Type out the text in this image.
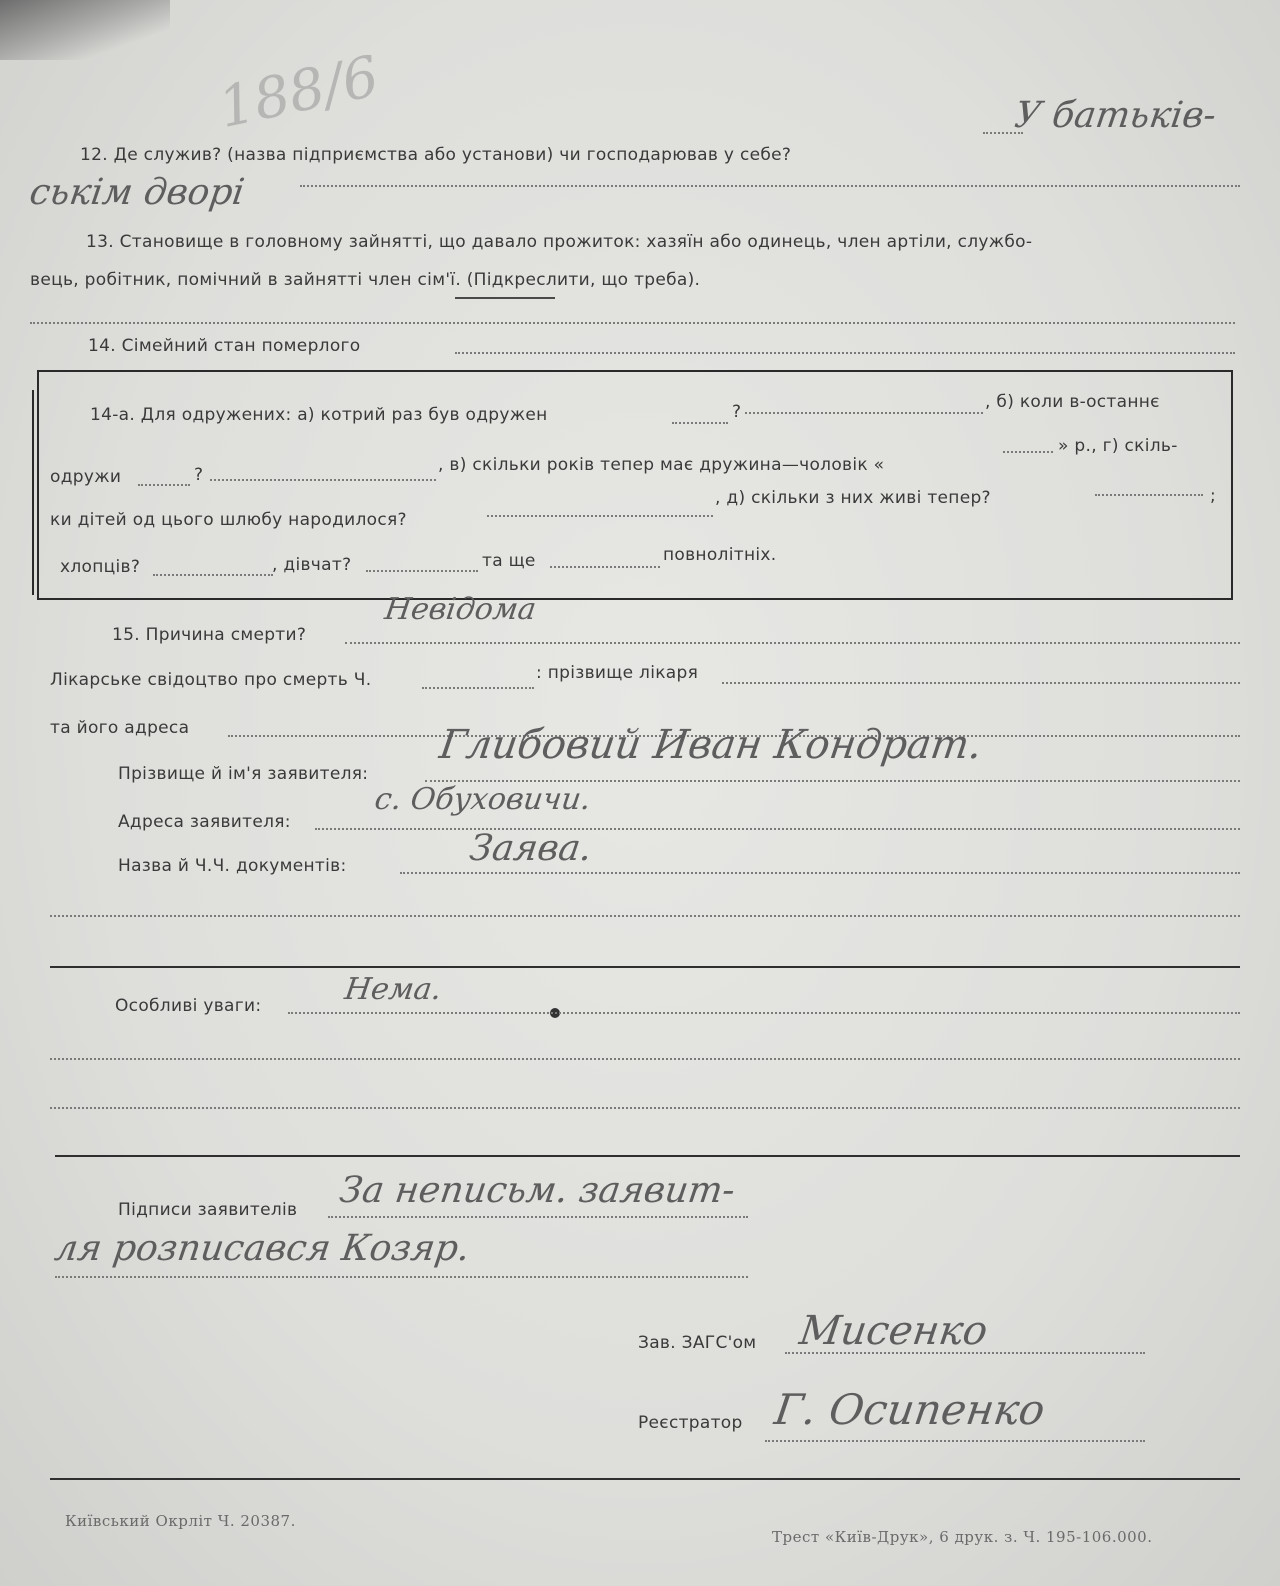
188/6
12. Де служив? (назва підприємства або установи) чи господарював у себе?
У батьків-
ськім дворі
13. Становище в головному зайнятті, що давало прожиток: хазяїн або одинець, член артіли, службо-
вець, робітник, помічний в зайнятті член сім'ї. (Підкреслити, що треба).
14. Сімейний стан померлого
14-а. Для одружених: а) котрий раз був одружен	?	, б) коли в-останнє
одружи	?	, в) скільки років тепер має дружина—чоловік «
» р., г) скіль-
ки дітей од цього шлюбу народилося?
, д) скільки з них живі тепер?	;
хлопців?	, дівчат?	та ще	повнолітніх.
15. Причина смерти?
Невідома
Лікарське свідоцтво про смерть Ч.	: прізвище лікаря
та його адреса
Прізвище й ім'я заявителя:
Глибовий Иван Кондрат.
Адреса заявителя:
с. Обуховичи.
Назва й Ч.Ч. документів:	Заява.
Особливі уваги:	Нема.
Підписи заявителів За неписьм. заявит-
ля розписався Козяр.
Зав. ЗАГС'ом Мисенко
Реєстратор Г. Осипенко
Київський Окрліт Ч. 20387.
Трест «Київ-Друк», 6 друк. з. Ч. 195-106.000.
